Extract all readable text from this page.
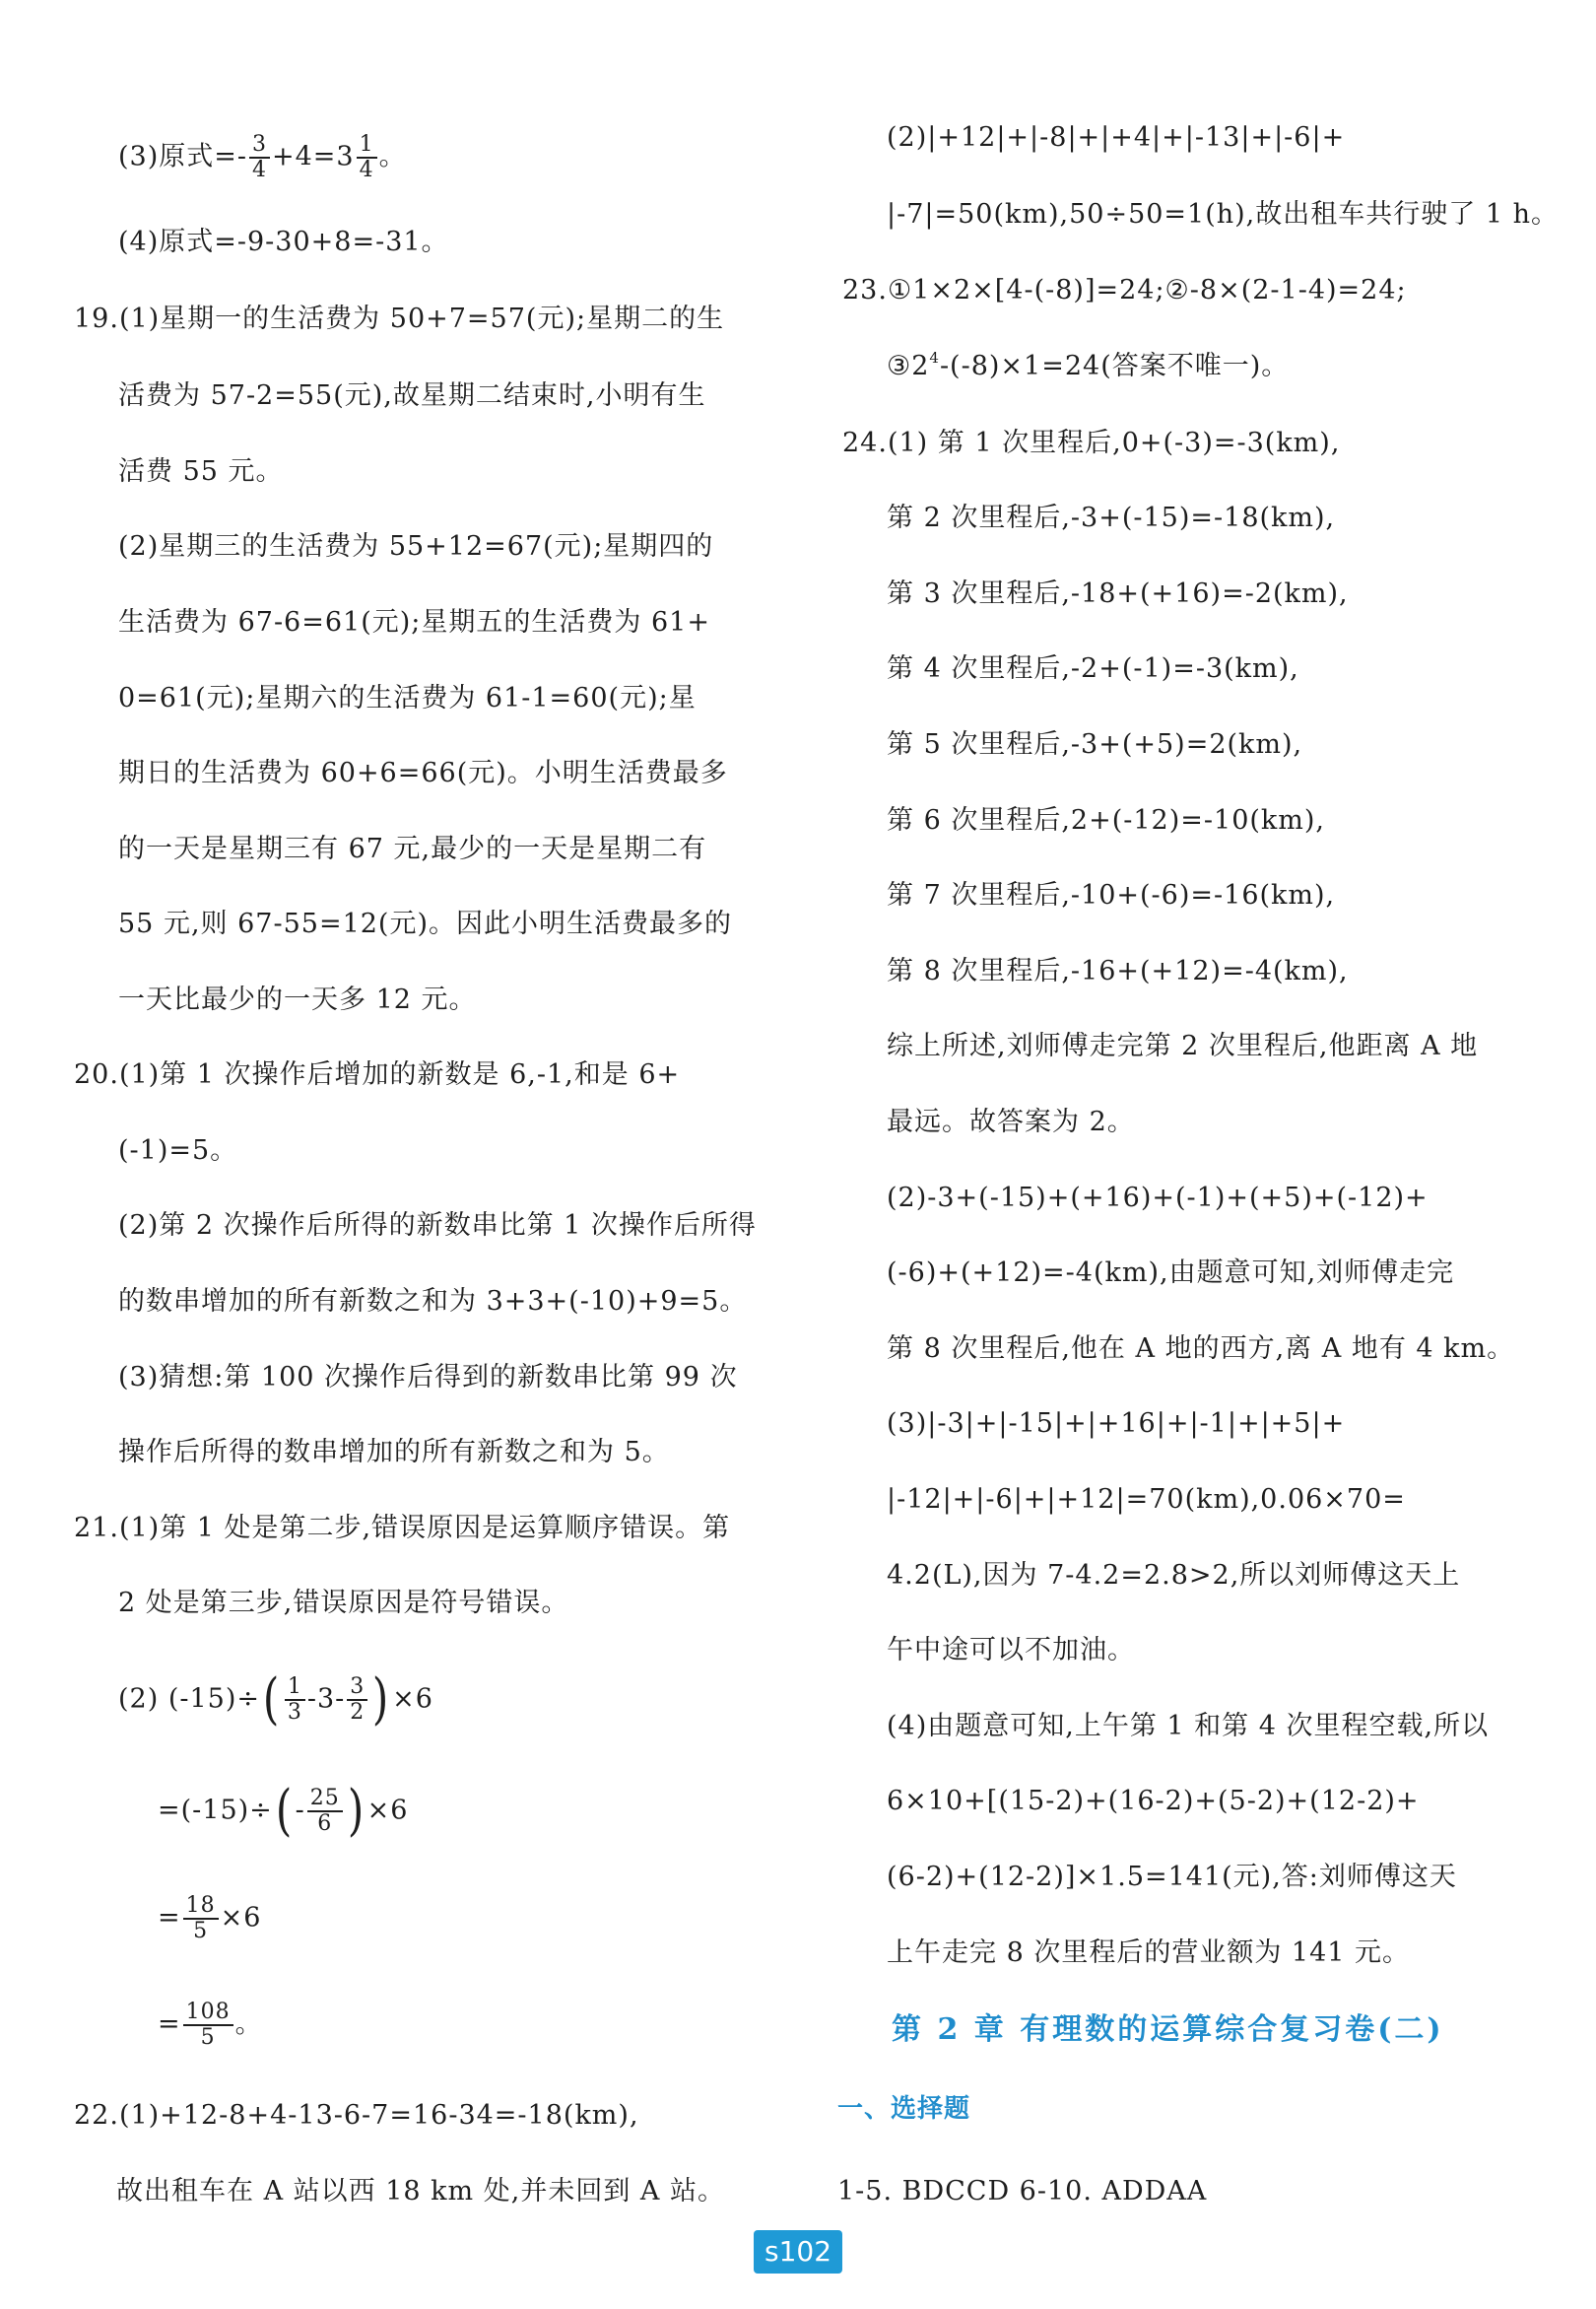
(3)原式=- $\frac{3}{4} +4=3 \frac{1}{4}$ 。
(4)原式=-9-30+8=-31。
19.(1)星期一的生活费为 50+7=57(元);星期二的生
活费为 57-2=55(元),故星期二结束时,小明有生
活费 55 元。
(2)星期三的生活费为 55+12=67(元);星期四的
生活费为 67-6=61(元);星期五的生活费为 61+
0=61(元);星期六的生活费为 61-1=60(元);星
期日的生活费为 60+6=66(元)。小明生活费最多
的一天是星期三有 67 元,最少的一天是星期二有
55 元,则 67-55=12(元)。因此小明生活费最多的
一天比最少的一天多 12 元。
20.(1)第 1 次操作后增加的新数是 6,-1,和是 6+
(-1)=5。
(2)第 2 次操作后所得的新数串比第 1 次操作后所得
的数串增加的所有新数之和为 3+3+(-10)+9=5。
(3)猜想:第 100 次操作后得到的新数串比第 99 次
操作后所得的数串增加的所有新数之和为 5。
21.(1)第 1 处是第二步,错误原因是运算顺序错误。第
2 处是第三步,错误原因是符号错误。
(2) $(-15)\div( \frac{1}{3} -3- \frac{3}{2}$ ) ×6
$=(-15)\div( - \frac{25}{6}$ ) ×6
= $\frac{18}{5} \times 6$
= $\frac{108}{5}$ 。
22.(1)+12-8+4-13-6-7=16-34=-18(km),
故出租车在 A 站以西 18 km 处,并未回到 A 站。
(2)|+12|+|-8|+|+4|+|-13|+|-6|+
|-7|=50(km),50÷50=1(h),故出租车共行驶了 1 h。
23.①1×2×[4-(-8)]=24;②-8×(2-1-4)=24;
$③2^4-(-8)\times 1=24$(答案不唯一)。
24.(1) 第 1 次里程后,0+(-3)=-3(km),
第 2 次里程后,-3+(-15)=-18(km),
第 3 次里程后,-18+(+16)=-2(km),
第 4 次里程后,-2+(-1)=-3(km),
第 5 次里程后,-3+(+5)=2(km),
第 6 次里程后,2+(-12)=-10(km),
第 7 次里程后,-10+(-6)=-16(km),
第 8 次里程后,-16+(+12)=-4(km),
综上所述,刘师傅走完第 2 次里程后,他距离 A 地
最远。故答案为 2。
(2)-3+(-15)+(+16)+(-1)+(+5)+(-12)+
(-6)+(+12)=-4(km),由题意可知,刘师傅走完
第 8 次里程后,他在 A 地的西方,离 A 地有 4 km。
(3)|-3|+|-15|+|+16|+|-1|+|+5|+
|-12|+|-6|+|+12|=70(km),0.06×70=
4.2(L),因为 7-4.2=2.8>2,所以刘师傅这天上
午中途可以不加油。
(4)由题意可知,上午第 1 和第 4 次里程空载,所以
6×10+[(15-2)+(16-2)+(5-2)+(12-2)+
(6-2)+(12-2)]×1.5=141(元),答:刘师傅这天
上午走完 8 次里程后的营业额为 141 元。
第 2 章 有理数的运算综合复习卷(二)
一、选择题
1-5. BDCCD 6-10. ADDAA
s102
